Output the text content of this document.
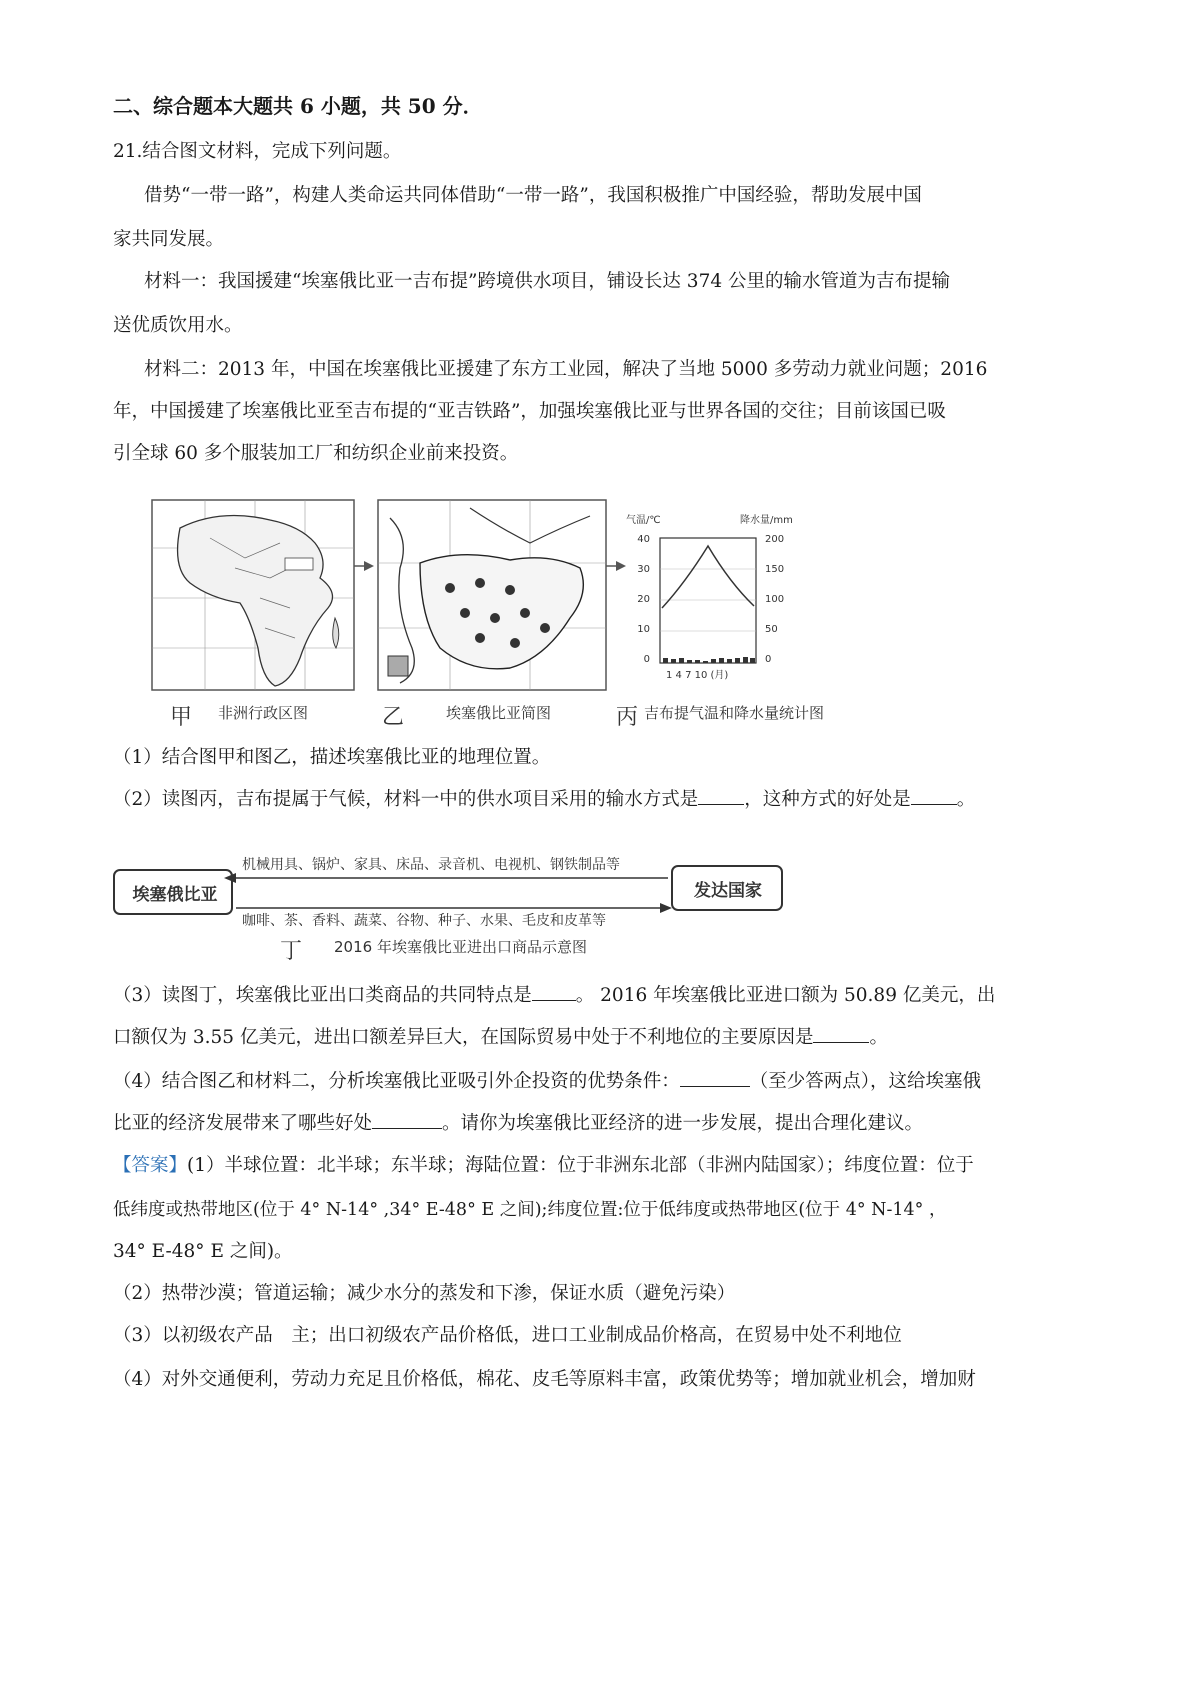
二、综合题本大题共 6 小题，共 50 分．
21.结合图文材料，完成下列问题。
借势“一带一路”，构建人类命运共同体借助“一带一路”，我国积极推广中国经验，帮助发展中国
家共同发展。
材料一：我国援建“埃塞俄比亚一吉布提”跨境供水项目，铺设长达 374 公里的输水管道为吉布提输
送优质饮用水。
材料二：2013 年，中国在埃塞俄比亚援建了东方工业园，解决了当地 5000 多劳动力就业问题；2016
年，中国援建了埃塞俄比亚至吉布提的“亚吉铁路”，加强埃塞俄比亚与世界各国的交往；目前该国已吸
引全球 60 多个服装加工厂和纺织企业前来投资。
气温/℃	降水量/mm
40
30
20
10
0
200
150
100
50
0
1 4 7 10 (月)
甲 非洲行政区图	乙	埃塞俄比亚简图	丙 吉布提气温和降水量统计图
（1）结合图甲和图乙，描述埃塞俄比亚的地理位置。
（2）读图丙，吉布提属于气候，材料一中的供水项目采用的输水方式是 ，这种方式的好处是 。
埃塞俄比亚	发达国家
机械用具、锅炉、家具、床品、录音机、电视机、钢铁制品等
咖啡、茶、香料、蔬菜、谷物、种子、水果、毛皮和皮革等
丁 2016 年埃塞俄比亚进出口商品示意图
（3）读图丁，埃塞俄比亚出口类商品的共同特点是 。 2016 年埃塞俄比亚进口额为 50.89 亿美元，出
口额仅为 3.55 亿美元，进出口额差异巨大，在国际贸易中处于不利地位的主要原因是	。
（4）结合图乙和材料二，分析埃塞俄比亚吸引外企投资的优势条件：	（至少答两点），这给埃塞俄
比亚的经济发展带来了哪些好处	。请你为埃塞俄比亚经济的进一步发展，提出合理化建议。
【答案】(1）半球位置：北半球；东半球；海陆位置：位于非洲东北部（非洲内陆国家）；纬度位置：位于
低纬度或热带地区(位于 4° N-14° ,34° E-48° E 之间);纬度位置:位于低纬度或热带地区(位于 4° N-14° ，
34° E-48° E 之间)。
（2）热带沙漠；管道运输；减少水分的蒸发和下渗，保证水质（避免污染）
（3）以初级农产品　主；出口初级农产品价格低，进口工业制成品价格高，在贸易中处不利地位
（4）对外交通便利，劳动力充足且价格低，棉花、皮毛等原料丰富，政策优势等；增加就业机会，增加财
